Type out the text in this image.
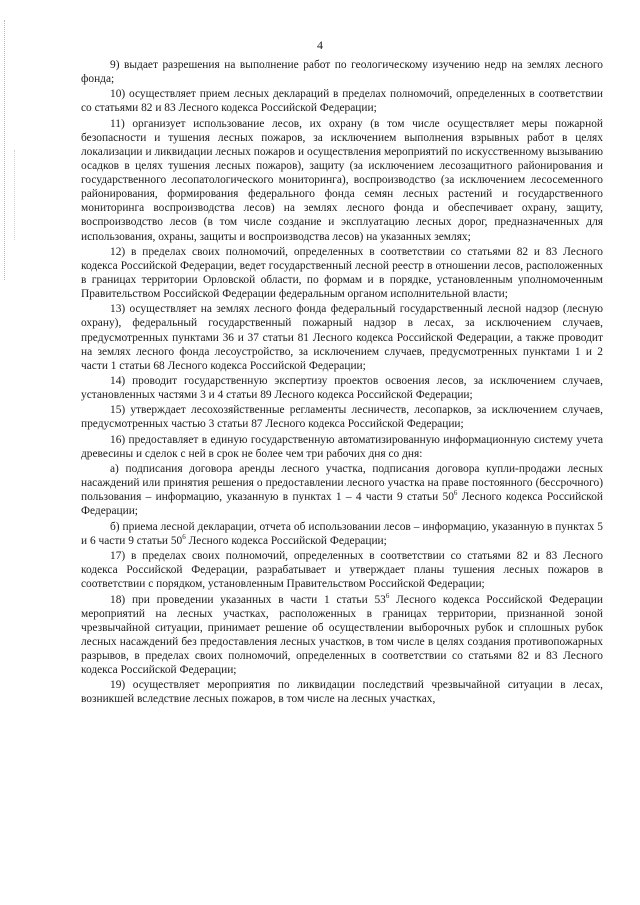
4

9) выдает разрешения на выполнение работ по геологическому изучению недр на землях лесного фонда;

10) осуществляет прием лесных деклараций в пределах полномочий, определенных в соответствии со статьями 82 и 83 Лесного кодекса Российской Федерации;

11) организует использование лесов, их охрану (в том числе осуществляет меры пожарной безопасности и тушения лесных пожаров, за исключением выполнения взрывных работ в целях локализации и ликвидации лесных пожаров и осуществления мероприятий по искусственному вызыванию осадков в целях тушения лесных пожаров), защиту (за исключением лесозащитного районирования и государственного лесопатологического мониторинга), воспроизводство (за исключением лесосеменного районирования, формирования федерального фонда семян лесных растений и государственного мониторинга воспроизводства лесов) на землях лесного фонда и обеспечивает охрану, защиту, воспроизводство лесов (в том числе создание и эксплуатацию лесных дорог, предназначенных для использования, охраны, защиты и воспроизводства лесов) на указанных землях;

12) в пределах своих полномочий, определенных в соответствии со статьями 82 и 83 Лесного кодекса Российской Федерации, ведет государственный лесной реестр в отношении лесов, расположенных в границах территории Орловской области, по формам и в порядке, установленным уполномоченным Правительством Российской Федерации федеральным органом исполнительной власти;

13) осуществляет на землях лесного фонда федеральный государственный лесной надзор (лесную охрану), федеральный государственный пожарный надзор в лесах, за исключением случаев, предусмотренных пунктами 36 и 37 статьи 81 Лесного кодекса Российской Федерации, а также проводит на землях лесного фонда лесоустройство, за исключением случаев, предусмотренных пунктами 1 и 2 части 1 статьи 68 Лесного кодекса Российской Федерации;

14) проводит государственную экспертизу проектов освоения лесов, за исключением случаев, установленных частями 3 и 4 статьи 89 Лесного кодекса Российской Федерации;

15) утверждает лесохозяйственные регламенты лесничеств, лесопарков, за исключением случаев, предусмотренных частью 3 статьи 87 Лесного кодекса Российской Федерации;

16) предоставляет в единую государственную автоматизированную информационную систему учета древесины и сделок с ней в срок не более чем три рабочих дня со дня:

а) подписания договора аренды лесного участка, подписания договора купли-продажи лесных насаждений или принятия решения о предоставлении лесного участка на праве постоянного (бессрочного) пользования – информацию, указанную в пунктах 1 – 4 части 9 статьи $50^6$ Лесного кодекса Российской Федерации;

б) приема лесной декларации, отчета об использовании лесов – информацию, указанную в пунктах 5 и 6 части 9 статьи $50^6$ Лесного кодекса Российской Федерации;

17) в пределах своих полномочий, определенных в соответствии со статьями 82 и 83 Лесного кодекса Российской Федерации, разрабатывает и утверждает планы тушения лесных пожаров в соответствии с порядком, установленным Правительством Российской Федерации;

18) при проведении указанных в части 1 статьи $53^6$ Лесного кодекса Российской Федерации мероприятий на лесных участках, расположенных в границах территории, признанной зоной чрезвычайной ситуации, принимает решение об осуществлении выборочных рубок и сплошных рубок лесных насаждений без предоставления лесных участков, в том числе в целях создания противопожарных разрывов, в пределах своих полномочий, определенных в соответствии со статьями 82 и 83 Лесного кодекса Российской Федерации;

19) осуществляет мероприятия по ликвидации последствий чрезвычайной ситуации в лесах, возникшей вследствие лесных пожаров, в том числе на лесных участках,
